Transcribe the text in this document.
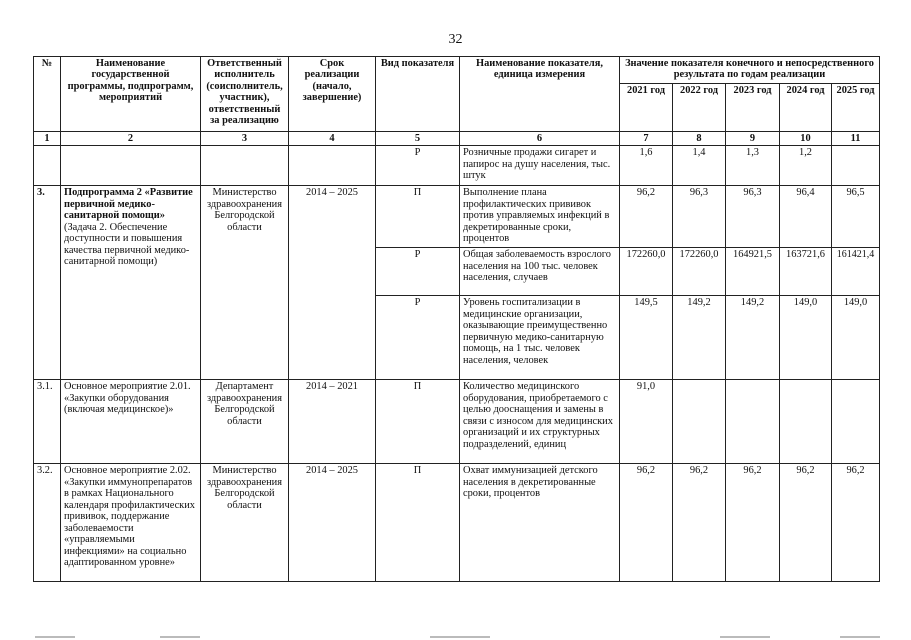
32
№	Наименование государственной программы, подпрограмм, мероприятий	Ответственный исполнитель (соисполнитель, участник), ответственный за реализацию	Срок реализации (начало, завершение)	Вид показателя	Наименование показателя, единица измерения	Значение показателя конечного и непосредственного результата по годам реализации				
						2021 год	2022 год	2023 год	2024 год	2025 год
1	2	3	4	5	6	7	8	9	10	11
				Р	Розничные продажи сигарет и папирос на душу населения, тыс. штук	1,6	1,4	1,3	1,2	
3.	Подпрограмма 2 «Развитие первичной медико-санитарной помощи» (Задача 2. Обеспечение доступности и повышения качества первичной медико-санитарной помощи)	Министерство здравоохранения Белгородской области	2014 – 2025	П	Выполнение плана профилактических прививок против управляемых инфекций в декретированные сроки, процентов	96,2	96,3	96,3	96,4	96,5
				Р	Общая заболеваемость взрослого населения на 100 тыс. человек населения, случаев	172260,0	172260,0	164921,5	163721,6	161421,4
				Р	Уровень госпитализации в медицинские организации, оказывающие преимущественно первичную медико-санитарную помощь, на 1 тыс. человек населения, человек	149,5	149,2	149,2	149,0	149,0
3.1.	Основное мероприятие 2.01. «Закупки оборудования (включая медицинское)»	Департамент здравоохранения Белгородской области	2014 – 2021	П	Количество медицинского оборудования, приобретаемого с целью дооснащения и замены в связи с износом для медицинских организаций и их структурных подразделений, единиц	91,0				
3.2.	Основное мероприятие 2.02. «Закупки иммунопрепаратов в рамках Национального календаря профилактических прививок, поддержание заболеваемости «управляемыми инфекциями» на социально адаптированном уровне»	Министерство здравоохранения Белгородской области	2014 – 2025	П	Охват иммунизацией детского населения в декретированные сроки, процентов	96,2	96,2	96,2	96,2	96,2
